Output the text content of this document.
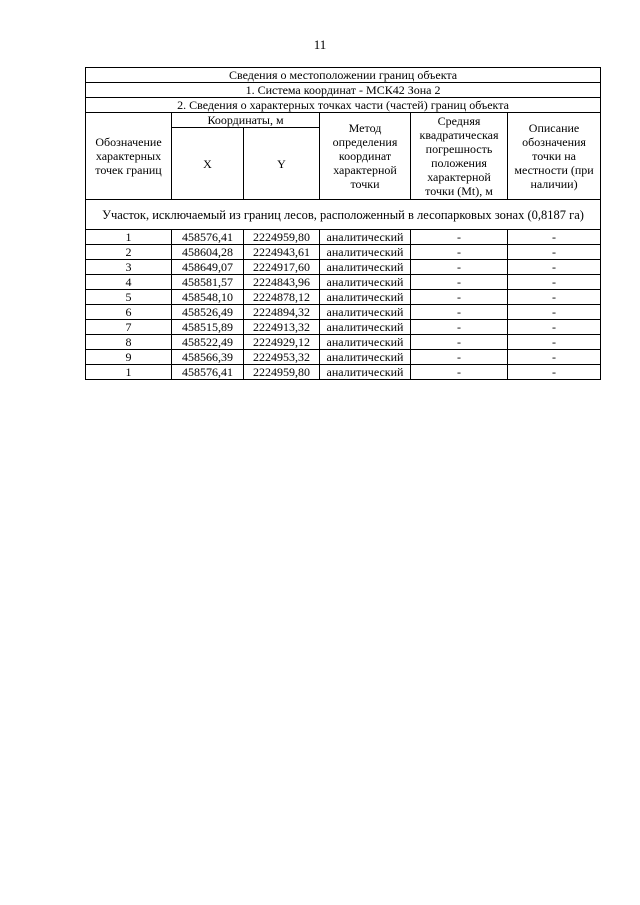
11
Сведения о местоположении границ объекта					
1. Система координат - МСК42 Зона 2					
2. Сведения о характерных точках части (частей) границ объекта					
Обозначение характерных точек границ	Координаты, м		Метод определения координат характерной точки	Средняя квадратическая погрешность положения характерной точки (Mt), м	Описание обозначения точки на местности (при наличии)
	X	Y			
Участок, исключаемый из границ лесов, расположенный в лесопарковых зонах (0,8187 га)					
1	458576,41	2224959,80	аналитический	-	-
2	458604,28	2224943,61	аналитический	-	-
3	458649,07	2224917,60	аналитический	-	-
4	458581,57	2224843,96	аналитический	-	-
5	458548,10	2224878,12	аналитический	-	-
6	458526,49	2224894,32	аналитический	-	-
7	458515,89	2224913,32	аналитический	-	-
8	458522,49	2224929,12	аналитический	-	-
9	458566,39	2224953,32	аналитический	-	-
1	458576,41	2224959,80	аналитический	-	-
